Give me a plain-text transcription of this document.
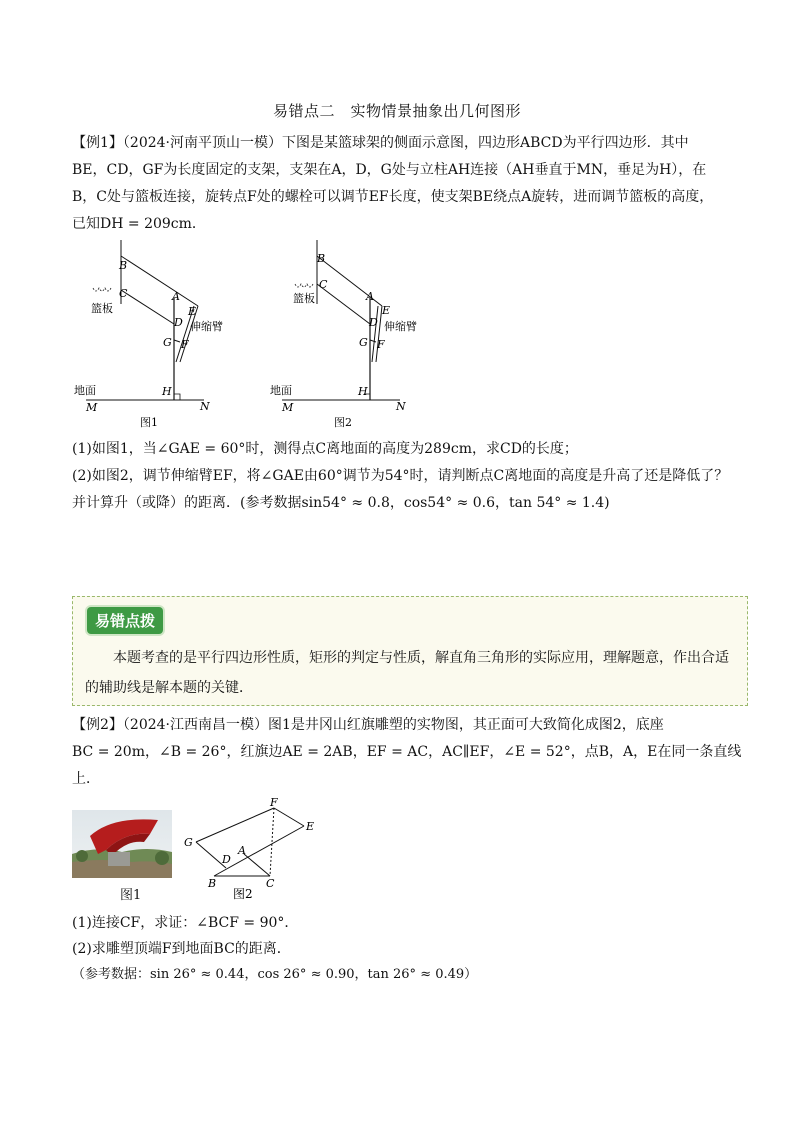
易错点二　实物情景抽象出几何图形

【例1】（2024·河南平顶山一模）下图是某篮球架的侧面示意图，四边形ABCD为平行四边形．其中

BE，CD，GF为长度固定的支架，支架在A，D，G处与立柱AH连接（AH垂直于MN，垂足为H），在

B，C处与篮板连接，旋转点F处的螺栓可以调节EF长度，使支架BE绕点A旋转，进而调节篮板的高度，

已知DH = 209cm．

B
C	A
E
D
G F
H
M	N
篮板
伸缩臂
地面
图1
B
C
A
E
D
G F
H
M	N
篮板
伸缩臂
地面
图2

(1)如图1，当∠GAE = 60°时，测得点C离地面的高度为289cm，求CD的长度；

(2)如图2，调节伸缩臂EF，将∠GAE由60°调节为54°时，请判断点C离地面的高度是升高了还是降低了？

并计算升（或降）的距离．(参考数据sin54° ≈ 0.8，cos54° ≈ 0.6，tan 54° ≈ 1.4)

易错点拨

本题考查的是平行四边形性质，矩形的判定与性质，解直角三角形的实际应用，理解题意，作出合适

的辅助线是解本题的关键．

【例2】（2024·江西南昌一模）图1是井冈山红旗雕塑的实物图，其正面可大致简化成图2，底座

BC = 20m，∠B = 26°，红旗边AE = 2AB，EF = AC，AC∥EF，∠E = 52°，点B，A，E在同一条直线

上．

图1
F
E
G
D
A
B	C
图2

(1)连接CF，求证：∠BCF = 90°．

(2)求雕塑顶端F到地面BC的距离．

（参考数据：sin 26° ≈ 0.44，cos 26° ≈ 0.90，tan 26° ≈ 0.49）
